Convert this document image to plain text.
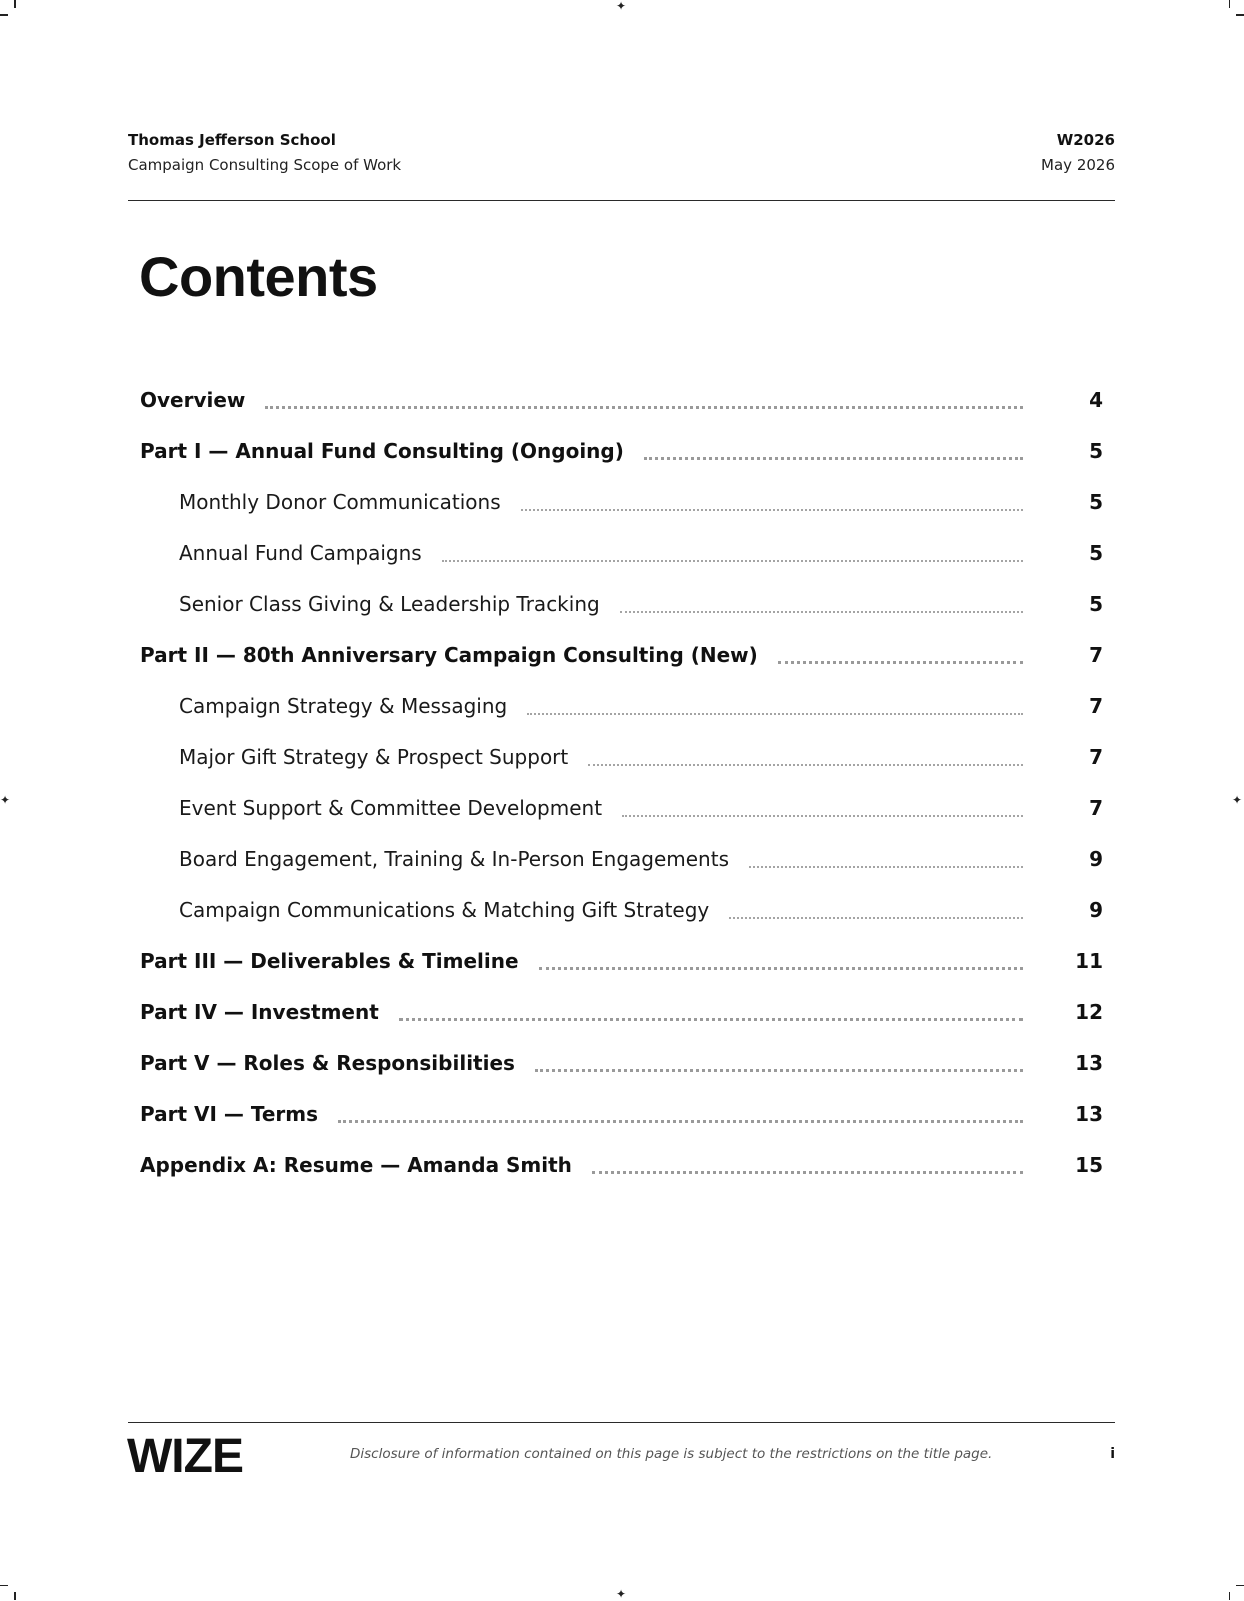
✦
✦
✦	✦
Thomas Jefferson School
Campaign Consulting Scope of Work
W2026
May 2026
Contents
Overview	4
Part I — Annual Fund Consulting (Ongoing)	5
Monthly Donor Communications	5
Annual Fund Campaigns	5
Senior Class Giving & Leadership Tracking	5
Part II — 80th Anniversary Campaign Consulting (New)	7
Campaign Strategy & Messaging	7
Major Gift Strategy & Prospect Support	7
Event Support & Committee Development	7
Board Engagement, Training & In-Person Engagements	9
Campaign Communications & Matching Gift Strategy	9
Part III — Deliverables & Timeline	11
Part IV — Investment	12
Part V — Roles & Responsibilities	13
Part VI — Terms	13
Appendix A: Resume — Amanda Smith	15
WIZE	Disclosure of information contained on this page is subject to the restrictions on the title page.	i
